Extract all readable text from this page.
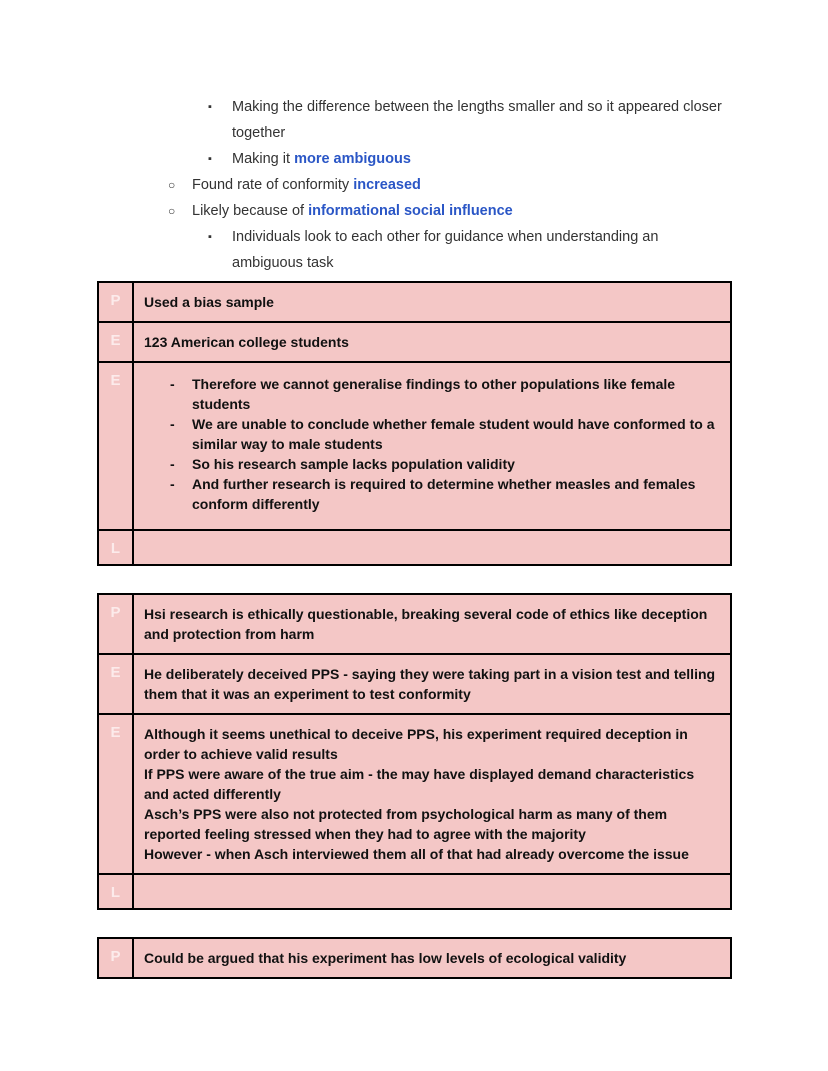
▪	Making the difference between the lengths smaller and so it appeared closer together
▪	Making it more ambiguous
○	Found rate of conformity increased
○	Likely because of informational social influence
▪	Individuals look to each other for guidance when understanding an ambiguous task
P	Used a bias sample
E	123 American college students
E	- Therefore we cannot generalise findings to other populations like female students
- We are unable to conclude whether female student would have conformed to a similar way to male students
- So his research sample lacks population validity
- And further research is required to determine whether measles and females conform differently
L
P	Hsi research is ethically questionable, breaking several code of ethics like deception and protection from harm
E	He deliberately deceived PPS - saying they were taking part in a vision test and telling them that it was an experiment to test conformity
E	Although it seems unethical to deceive PPS, his experiment required deception in order to achieve valid results
If PPS were aware of the true aim - the may have displayed demand characteristics and acted differently
Asch’s PPS were also not protected from psychological harm as many of them reported feeling stressed when they had to agree with the majority
However - when Asch interviewed them all of that had already overcome the issue
L
P	Could be argued that his experiment has low levels of ecological validity
